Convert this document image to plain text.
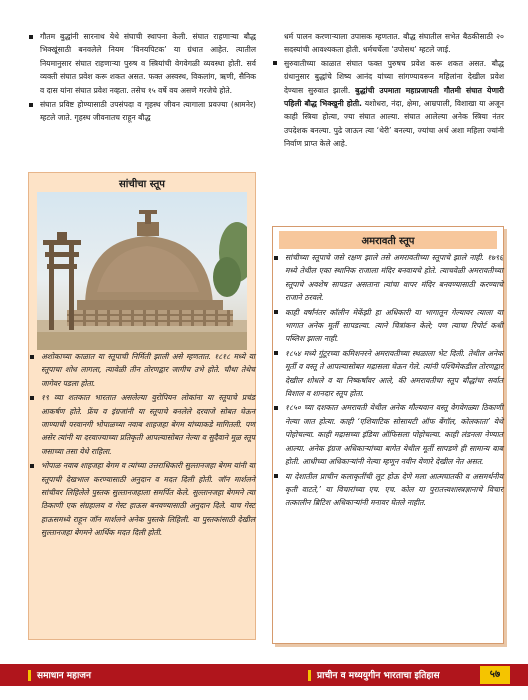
गौतम बुद्धांनी सारनाथ येथे संघाची स्थापना केली. संघात राहणाऱ्या बौद्ध भिक्खूंसाठी बनवलेले नियम ‘विनयपिटक’ या ग्रंथात आहेत. त्यातील नियमानुसार संघात राहणाऱ्या पुरुष व स्त्रियांची वेगवेगळी व्यवस्था होती. सर्व व्यक्ती संघात प्रवेश करू शकत असत. फक्त अस्वस्थ, विकलांग, ऋणी, सैनिक व दास यांना संघात प्रवेश नव्हता. तसेच १५ वर्षे वय असणे गरजेचे होते.
संघात प्रविष्ट होण्यासाठी उपसंपदा व गृहस्थ जीवन त्यागाला प्रवज्या (श्रामनेर) म्हटले जाते. गृहस्थ जीवनातच राहून बौद्ध
सांचीचा स्तूप
अशोकाच्या काळात या स्तूपाची निर्मिती झाली असे म्हणतात. १८१८ मध्ये या स्तूपाचा शोध लागला, त्यावेळी तीन तोरणद्वार जागीच उभे होते. चौथा तेथेच जागेवर पडला होता.
१९ व्या शतकात भारतात असलेल्या युरोपियन लोकांना या स्तूपाचे प्रचंड आकर्षण होते. फ्रेंच व इंग्रजांनी या स्तूपाचे बनलेले दरवाजे सोबत घेऊन जाण्याची परवानगी भोपाळच्या नवाब शाहजहा बेगम यांच्याकडे मागितली. पण असेर त्यांनी या दरवाज्याच्या प्रतिकृती आपल्यासोबत नेल्या व सुदैवाने मूळ स्तूप जसाच्या तसा येथे राहिला.
भोपाळ नवाब शाहजहा बेगम व त्यांच्या उत्तराधिकारी सुल्तानजहा बेगम यांनी या स्तूपाची देखभाल करण्यासाठी अनुदान व मदत दिली होती. जॉन मार्शलने सांचीवर लिहिलेले पुस्तक सुल्तानजहाला समर्पित केले. सुल्तानजहा बेगमने त्या ठिकाणी एक संग्रहालय व गेस्ट हाऊस बनवण्यासाठी अनुदान दिले. याच गेस्ट हाऊसमध्ये राहून जॉन मार्शलने अनेक पुस्तके लिहिली. या पुस्तकांसाठी देखील सुल्तानजहा बेगमने आर्थिक मदत दिली होती.
धर्म पालन करणाऱ्याला उपासक म्हणतात. बौद्ध संघातील सभेत बैठकीसाठी २० सदस्यांची आवश्यकता होती. धर्मचर्चेला ‘उपोसथ’ म्हटले जाई.
सुरुवातीच्या काळात संघात फक्त पुरुषच प्रवेश करू शकत असत. बौद्ध ग्रंथानुसार बुद्धांचे शिष्य आनंद यांच्या सांगण्यावरून महिलांना देखील प्रवेश देण्यास सुरुवात झाली. बुद्धांची उपमाता महाप्रजापती गौतमी संघात येणारी पहिली बौद्ध भिक्खुनी होती. यशोधरा, नंदा, क्षेमा, आम्रपाली, विशाखा या अजून काही स्त्रिया होत्या, ज्या संघात आल्या. संघात आलेल्या अनेक स्त्रिया नंतर उपदेशक बनल्या. पुढे जाऊन त्या ‘थेरी’ बनल्या, ज्यांचा अर्थ अशा महिला ज्यांनी निर्वाण प्राप्त केले आहे.
अमरावती स्तूप
सांचीच्या स्तूपाचे जसे रक्षण झाले तसे अमरावतीच्या स्तूपाचे झाले नाही. १७९६ मध्ये तेथील एका स्थानिक राजाला मंदिर बनवायचे होते. त्याचवेळी अमरावतीच्या स्तूपाचे अवशेष सापडत असताना त्यांचा वापर मंदिर बनवण्यासाठी करण्याचे राजाने ठरवले.
काही वर्षांनंतर कॉलीन मेकेंझी हा अधिकारी या भागातून गेल्यावर त्याला या भागात अनेक मूर्ती सापडल्या. त्याने चित्रांकन केले; पण त्याचा रिपोर्ट कधी पब्लिश झाला नाही.
१८५४ मध्ये गुंटूरच्या कमिशनरने अमरावतीच्या स्थळाला भेट दिली. तेथील अनेक मूर्ती व वस्तू ते आपल्यासोबत मद्रासला घेऊन गेले. त्यांनी पश्चिमेकडील तोरणद्वार देखील शोधले व या निष्कर्षांवर आले, की अमरावतीचा स्तूप बौद्धांचा सर्वात विशाल व शानदार स्तूप होता.
१८५० च्या दशकात अमरावती येथील अनेक मौल्यवान वस्तू वेगवेगळ्या ठिकाणी नेल्या जात होत्या. काही ‘एशियाटिक सोसायटी ऑफ बेंगॉल, कोलकाता’ येथे पोहोचल्या. काही मद्रासच्या इंडिया ऑफिसला पोहोचल्या. काही लंडनला नेण्यात आल्या. अनेक इंग्रज अधिकाऱ्यांच्या बागेत येथील मूर्ती सापडणे ही सामान्य बाब होती. आधीच्या अधिकाऱ्यांनी नेल्या म्हणून नवीन येणारे देखील नेत असत.
या देशातील प्राचीन कलाकृतींची लूट होऊ देणे मला आत्मघातकी व असमर्थनीय कृती वाटते,’ या विचारांच्या एच. एच. कोल या पुरातत्त्वशास्त्रज्ञानाचे विचार तत्कालीन ब्रिटिश अधिकाऱ्यांनी मनावर घेतले नाहीत.
समाधान महाजन	प्राचीन व मध्ययुगीन भारताचा इतिहास	५७
